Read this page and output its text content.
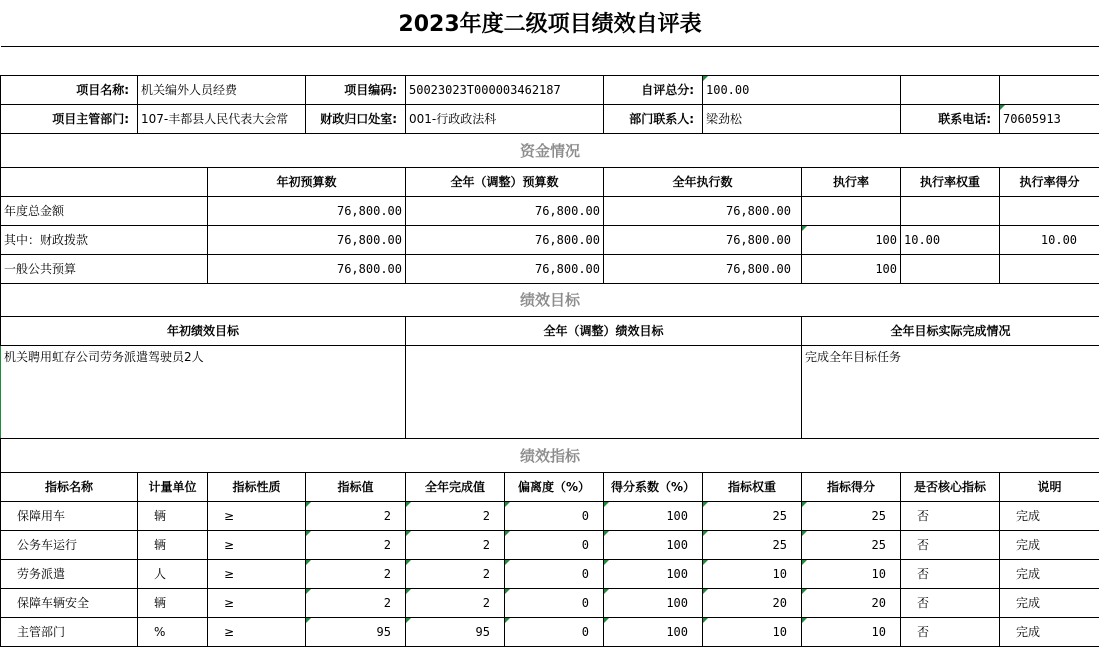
2023年度二级项目绩效自评表										

项目名称:	机关编外人员经费		项目编码:	50023023T000003462187		自评总分:	100.00			
项目主管部门:	107-丰都县人民代表大会常		财政归口处室:	001-行政政法科		部门联系人:	梁劲松		联系电话:	70605913
资金情况										
		年初预算数		全年（调整）预算数		全年执行数		执行率	执行率权重	执行率得分
年度总金额		76,800.00		76,800.00		76,800.00				
其中：财政拨款		76,800.00		76,800.00		76,800.00		100	10.00	10.00
一般公共预算		76,800.00		76,800.00		76,800.00		100		
绩效目标										
年初绩效目标				全年（调整）绩效目标				全年目标实际完成情况		
机关聘用虹存公司劳务派遣驾驶员2人								完成全年目标任务		
绩效指标										
指标名称	计量单位	指标性质	指标值	全年完成值	偏离度（%）	得分系数（%）	指标权重	指标得分	是否核心指标	说明
保障用车	辆	≥	2	2	0	100	25	25	否	完成
公务车运行	辆	≥	2	2	0	100	25	25	否	完成
劳务派遣	人	≥	2	2	0	100	10	10	否	完成
保障车辆安全	辆	≥	2	2	0	100	20	20	否	完成
主管部门	%	≥	95	95	0	100	10	10	否	完成
